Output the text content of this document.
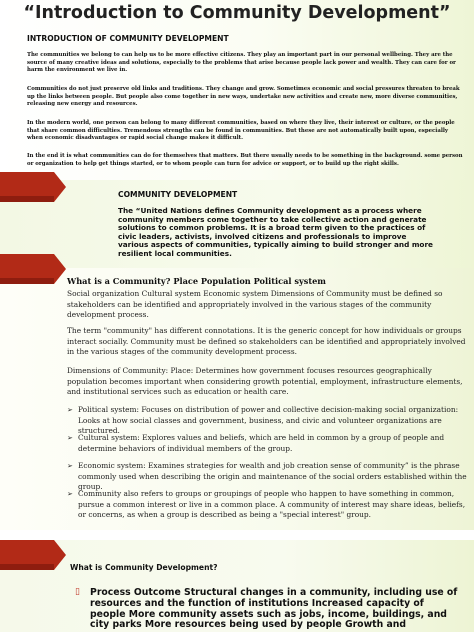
“Introduction to Community Development”
INTRODUCTION OF COMMUNITY DEVELOPMENT

The communities we belong to can help us to be more effective citizens. They play an important part in our personal wellbeing. They are the source of many creative ideas and solutions, especially to the problems that arise because people lack power and wealth. They can care for or harm the environment we live in.

Communities do not just preserve old links and traditions. They change and grow. Sometimes economic and social pressures threaten to break up the links between people. But people also come together in new ways, undertake new activities and create new, more diverse communities, releasing new energy and resources.

In the modern world, one person can belong to many different communities, based on where they live, their interest or culture, or the people that share common difficulties. Tremendous strengths can be found in communities. But these are not automatically built upon, especially when economic disadvantages or rapid social change makes it difficult.

In the end it is what communities can do for themselves that matters. But there usually needs to be something in the background. some person or organization to help get things started, or to whom people can turn for advice or support, or to build up the right skills.

COMMUNITY DEVELOPMENT

The “United Nations defines Community development as a process where community members come together to take collective action and generate solutions to common problems. It is a broad term given to the practices of civic leaders, activists, involved citizens and professionals to improve various aspects of communities, typically aiming to build stronger and more resilient local communities.

What is a Community? Place Population Political system

Social organization Cultural system Economic system Dimensions of Community must be defined so stakeholders can be identified and appropriately involved in the various stages of the community development process.

The term "community" has different connotations. It is the generic concept for how individuals or groups interact socially. Community must be defined so stakeholders can be identified and appropriately involved in the various stages of the community development process.

Dimensions of Community: Place: Determines how government focuses resources geographically population becomes important when considering growth potential, employment, infrastructure elements, and institutional services such as education or health care.

➢ Political system: Focuses on distribution of power and collective decision-making social organization: Looks at how social classes and government, business, and civic and volunteer organizations are structured.
➢ Cultural system: Explores values and beliefs, which are held in common by a group of people and determine behaviors of individual members of the group.
➢ Economic system: Examines strategies for wealth and job creation sense of community” is the phrase commonly used when describing the origin and maintenance of the social orders established within the group.
➢ Community also refers to groups or groupings of people who happen to have something in common, pursue a common interest or live in a common place. A community of interest may share ideas, beliefs, or concerns, as when a group is described as being a "special interest" group.
What is Community Development?
▯ Process Outcome Structural changes in a community, including use of resources and the function of institutions Increased capacity of people More community assets such as jobs, income, buildings, and city parks More resources being used by people Growth and
